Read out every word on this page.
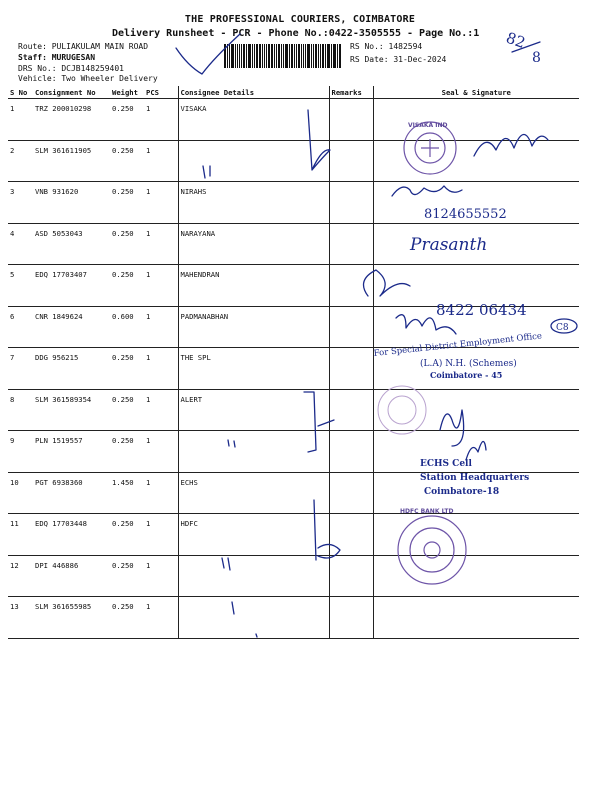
THE PROFESSIONAL COURIERS, COIMBATORE
Delivery Runsheet - PCR - Phone No.:0422-3505555 - Page No.:1
Route: PULIAKULAM MAIN ROAD
Staff: MURUGESAN
DRS No.: DCJB148259401
Vehicle: Two Wheeler Delivery
RS No.: 1482594
RS Date: 31-Dec-2024
S No	Consignment No	Weight	PCS	Consignee Details	Remarks	Seal & Signature
1	TRZ 200010298	0.250	1	VISAKA		
2	SLM 361611905	0.250	1			
3	VNB 931620	0.250	1	NIRAHS		
4	ASD 5053043	0.250	1	NARAYANA		
5	EDQ 17703407	0.250	1	MAHENDRAN		
6	CNR 1849624	0.600	1	PADMANABHAN		
7	DDG 956215	0.250	1	THE SPL		
8	SLM 361589354	0.250	1	ALERT		
9	PLN 1519557	0.250	1			
10	PGT 6938360	1.450	1	ECHS		
11	EDQ 17703448	0.250	1	HDFC		
12	DPI 446886	0.250	1			
13	SLM 361655985	0.250	1			
82
8
VISAKA IND
8124655552
Prasanth
8422 06434
C8
For Special District Employment Office
(L.A) N.H. (Schemes)
Coimbatore - 45
ECHS Cell
Station Headquarters
Coimbatore-18
HDFC BANK LTD
